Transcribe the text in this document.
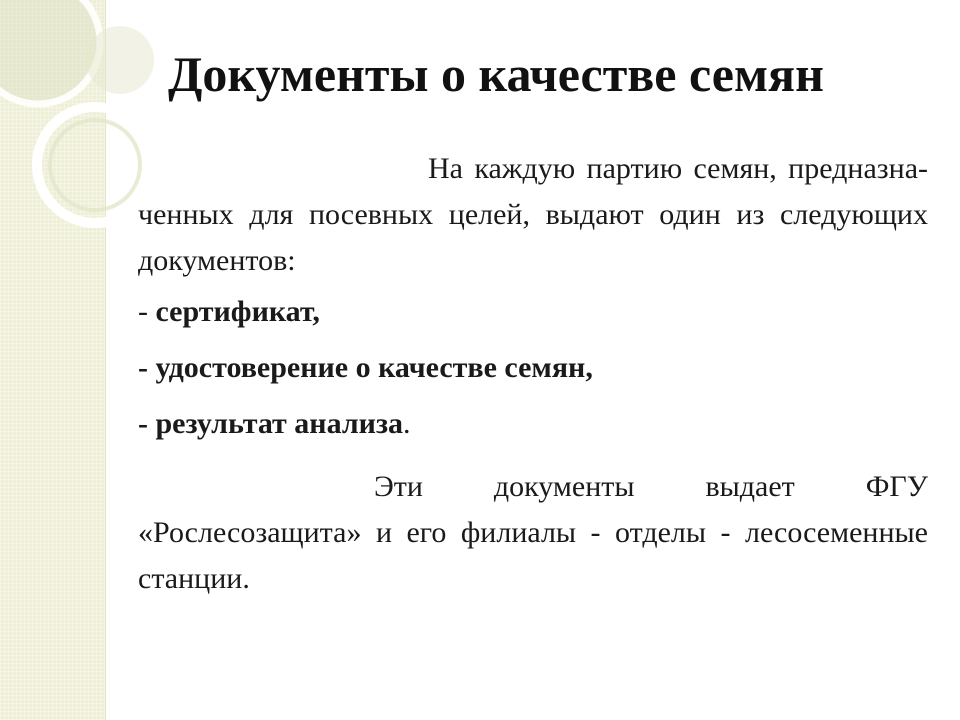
Документы о качестве семян

На каждую партию семян, предназна-ченных для посевных целей, выдают один из следующих документов:

- сертификат,

- удостоверение о качестве семян,

- результат анализа.

Эти документы выдает ФГУ «Рослесозащита» и его филиалы - отделы - лесосеменные станции.
